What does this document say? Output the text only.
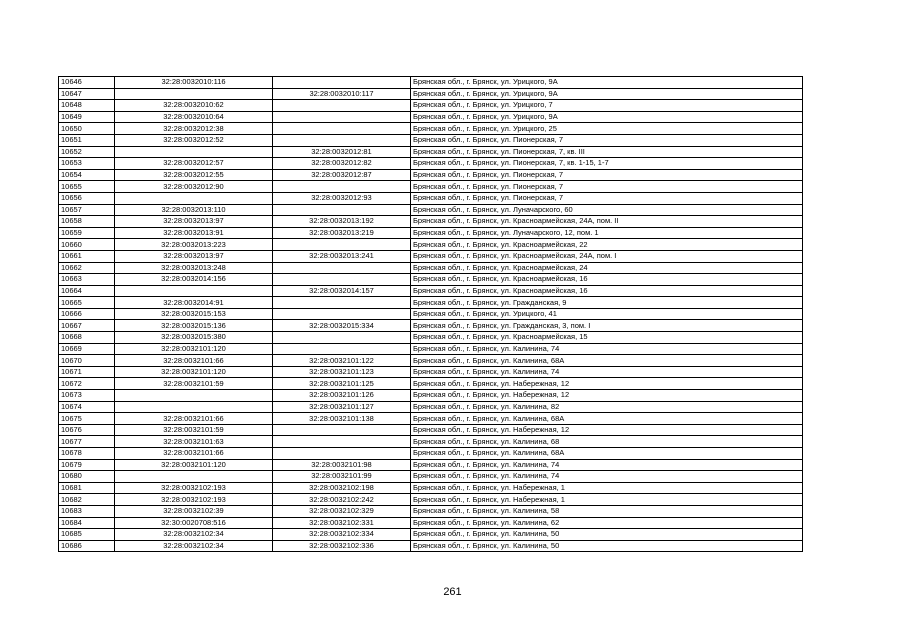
10646	32:28:0032010:116		Брянская обл., г. Брянск, ул. Урицкого, 9А
10647		32:28:0032010:117	Брянская обл., г. Брянск, ул. Урицкого, 9А
10648	32:28:0032010:62		Брянская обл., г. Брянск, ул. Урицкого, 7
10649	32:28:0032010:64		Брянская обл., г. Брянск, ул. Урицкого, 9А
10650	32:28:0032012:38		Брянская обл., г. Брянск, ул. Урицкого, 25
10651	32:28:0032012:52		Брянская обл., г. Брянск, ул. Пионерская, 7
10652		32:28:0032012:81	Брянская обл., г. Брянск, ул. Пионерская, 7, кв. III
10653	32:28:0032012:57	32:28:0032012:82	Брянская обл., г. Брянск, ул. Пионерская, 7, кв. 1-15, 1-7
10654	32:28:0032012:55	32:28:0032012:87	Брянская обл., г. Брянск, ул. Пионерская, 7
10655	32:28:0032012:90		Брянская обл., г. Брянск, ул. Пионерская, 7
10656		32:28:0032012:93	Брянская обл., г. Брянск, ул. Пионерская, 7
10657	32:28:0032013:110		Брянская обл., г. Брянск, ул. Луначарского, 60
10658	32:28:0032013:97	32:28:0032013:192	Брянская обл., г. Брянск, ул. Красноармейская, 24А, пом. II
10659	32:28:0032013:91	32:28:0032013:219	Брянская обл., г. Брянск, ул. Луначарского, 12, пом. 1
10660	32:28:0032013:223		Брянская обл., г. Брянск, ул. Красноармейская, 22
10661	32:28:0032013:97	32:28:0032013:241	Брянская обл., г. Брянск, ул. Красноармейская, 24А, пом. I
10662	32:28:0032013:248		Брянская обл., г. Брянск, ул. Красноармейская, 24
10663	32:28:0032014:156		Брянская обл., г. Брянск, ул. Красноармейская, 16
10664		32:28:0032014:157	Брянская обл., г. Брянск, ул. Красноармейская, 16
10665	32:28:0032014:91		Брянская обл., г. Брянск, ул. Гражданская, 9
10666	32:28:0032015:153		Брянская обл., г. Брянск, ул. Урицкого, 41
10667	32:28:0032015:136	32:28:0032015:334	Брянская обл., г. Брянск, ул. Гражданская, 3, пом. I
10668	32:28:0032015:380		Брянская обл., г. Брянск, ул. Красноармейская, 15
10669	32:28:0032101:120		Брянская обл., г. Брянск, ул. Калинина, 74
10670	32:28:0032101:66	32:28:0032101:122	Брянская обл., г. Брянск, ул. Калинина, 68А
10671	32:28:0032101:120	32:28:0032101:123	Брянская обл., г. Брянск, ул. Калинина, 74
10672	32:28:0032101:59	32:28:0032101:125	Брянская обл., г. Брянск, ул. Набережная, 12
10673		32:28:0032101:126	Брянская обл., г. Брянск, ул. Набережная, 12
10674		32:28:0032101:127	Брянская обл., г. Брянск, ул. Калинина, 82
10675	32:28:0032101:66	32:28:0032101:138	Брянская обл., г. Брянск, ул. Калинина, 68А
10676	32:28:0032101:59		Брянская обл., г. Брянск, ул. Набережная, 12
10677	32:28:0032101:63		Брянская обл., г. Брянск, ул. Калинина, 68
10678	32:28:0032101:66		Брянская обл., г. Брянск, ул. Калинина, 68А
10679	32:28:0032101:120	32:28:0032101:98	Брянская обл., г. Брянск, ул. Калинина, 74
10680		32:28:0032101:99	Брянская обл., г. Брянск, ул. Калинина, 74
10681	32:28:0032102:193	32:28:0032102:198	Брянская обл., г. Брянск, ул. Набережная, 1
10682	32:28:0032102:193	32:28:0032102:242	Брянская обл., г. Брянск, ул. Набережная, 1
10683	32:28:0032102:39	32:28:0032102:329	Брянская обл., г. Брянск, ул. Калинина, 58
10684	32:30:0020708:516	32:28:0032102:331	Брянская обл., г. Брянск, ул. Калинина, 62
10685	32:28:0032102:34	32:28:0032102:334	Брянская обл., г. Брянск, ул. Калинина, 50
10686	32:28:0032102:34	32:28:0032102:336	Брянская обл., г. Брянск, ул. Калинина, 50
261
